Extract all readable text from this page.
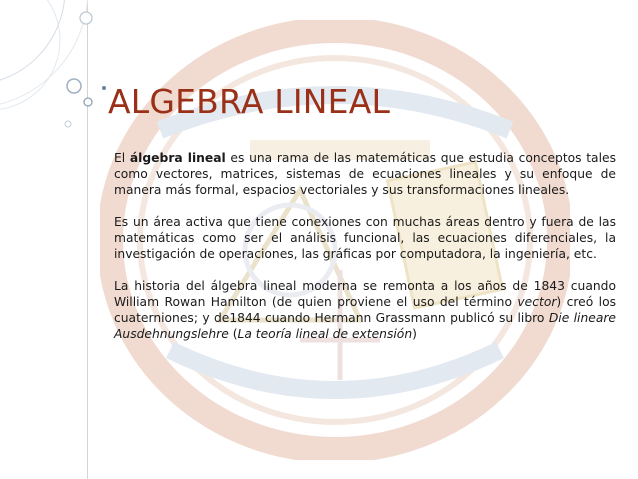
ALGEBRA LINEAL

El álgebra lineal es una rama de las matemáticas que estudia conceptos tales como vectores, matrices, sistemas de ecuaciones lineales y su enfoque de manera más formal, espacios vectoriales y sus transformaciones lineales.

Es un área activa que tiene conexiones con muchas áreas dentro y fuera de las matemáticas como ser el análisis funcional, las ecuaciones diferenciales, la investigación de operaciones, las gráficas por computadora, la ingeniería, etc.

La historia del álgebra lineal moderna se remonta a los años de 1843 cuando William Rowan Hamilton (de quien proviene el uso del término vector) creó los cuaterniones; y de1844 cuando Hermann Grassmann publicó su libro Die lineare Ausdehnungslehre (La teoría lineal de extensión)
